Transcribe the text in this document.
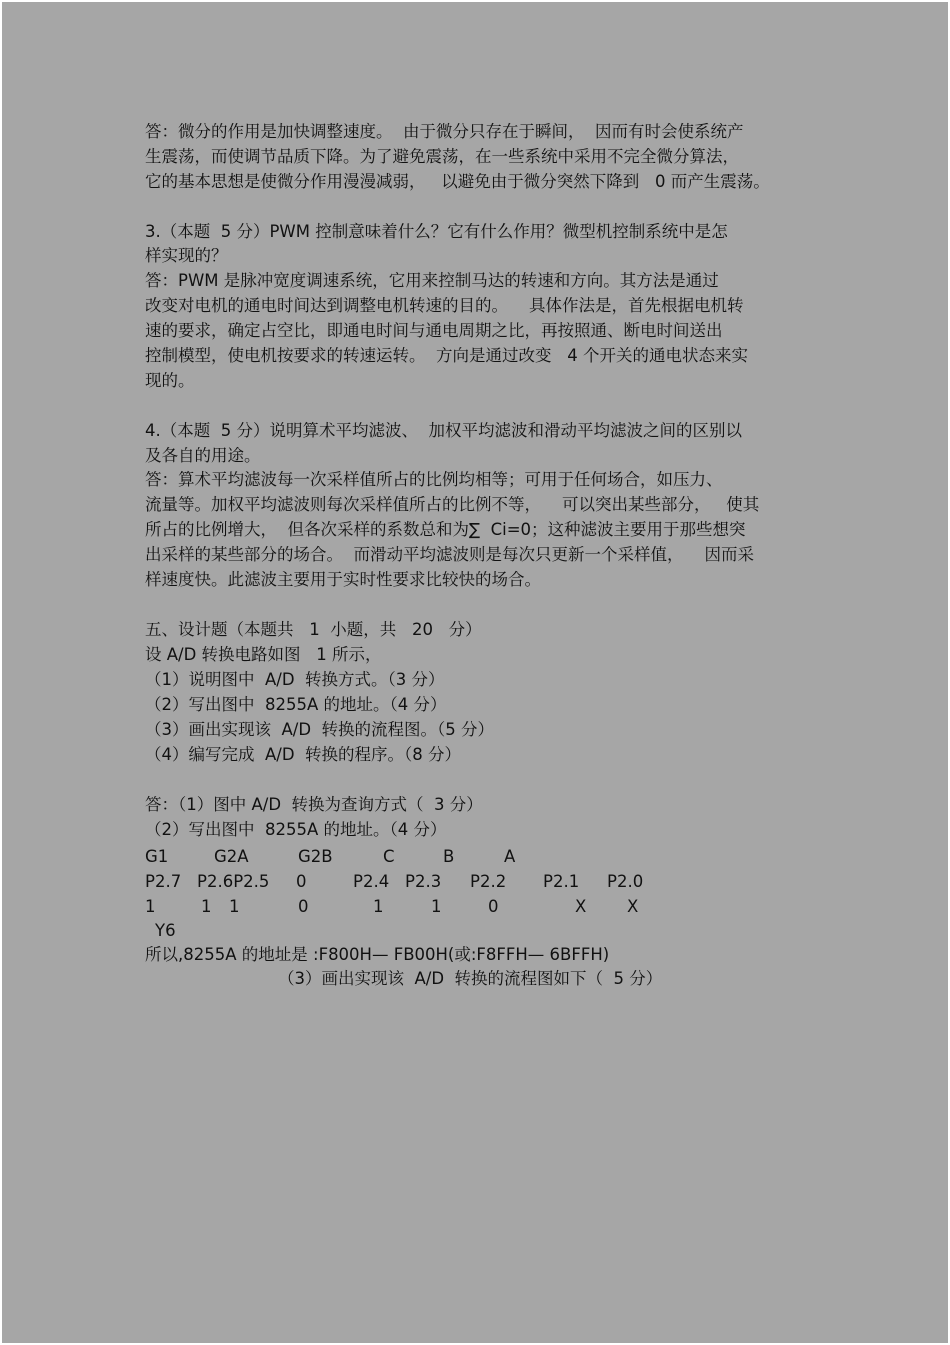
答：微分的作用是加快调整速度。  由于微分只存在于瞬间，  因而有时会使系统产
生震荡，而使调节品质下降。为了避免震荡，在一些系统中采用不完全微分算法，
它的基本思想是使微分作用漫漫减弱，   以避免由于微分突然下降到   0 而产生震荡。
3.（本题  5 分）PWM 控制意味着什么？它有什么作用？微型机控制系统中是怎
样实现的？
答：PWM 是脉冲宽度调速系统，它用来控制马达的转速和方向。其方法是通过
改变对电机的通电时间达到调整电机转速的目的。    具体作法是，首先根据电机转
速的要求，确定占空比，即通电时间与通电周期之比，再按照通、断电时间送出
控制模型，使电机按要求的转速运转。  方向是通过改变   4 个开关的通电状态来实
现的。
4.（本题  5 分）说明算术平均滤波、  加权平均滤波和滑动平均滤波之间的区别以
及各自的用途。
答：算术平均滤波每一次采样值所占的比例均相等；可用于任何场合，如压力、
流量等。加权平均滤波则每次采样值所占的比例不等，    可以突出某些部分，   使其
所占的比例增大，  但各次采样的系数总和为∑  Ci=0；这种滤波主要用于那些想突
出采样的某些部分的场合。  而滑动平均滤波则是每次只更新一个采样值，    因而采
样速度快。此滤波主要用于实时性要求比较快的场合。
五、设计题（本题共   1  小题，共   20   分）
设 A/D 转换电路如图   1 所示，
（1）说明图中  A/D  转换方式。（3 分）
（2）写出图中  8255A 的地址。（4 分）
（3）画出实现该  A/D  转换的流程图。（5 分）
（4）编写完成  A/D  转换的程序。（8 分）
答：（1）图中 A/D  转换为查询方式（  3 分）
（2）写出图中  8255A 的地址。（4 分）
G1	G2A	G2B	C	B	A
P2.7 P2.6P2.5 0	P2.4 P2.3 P2.2 P2.1 P2.0
1	1 1	0	1	1	0	X X
Y6
所以,8255A 的地址是 :F800H— FB00H(或:F8FFH— 6BFFH)
（3）画出实现该  A/D  转换的流程图如下（  5 分）
